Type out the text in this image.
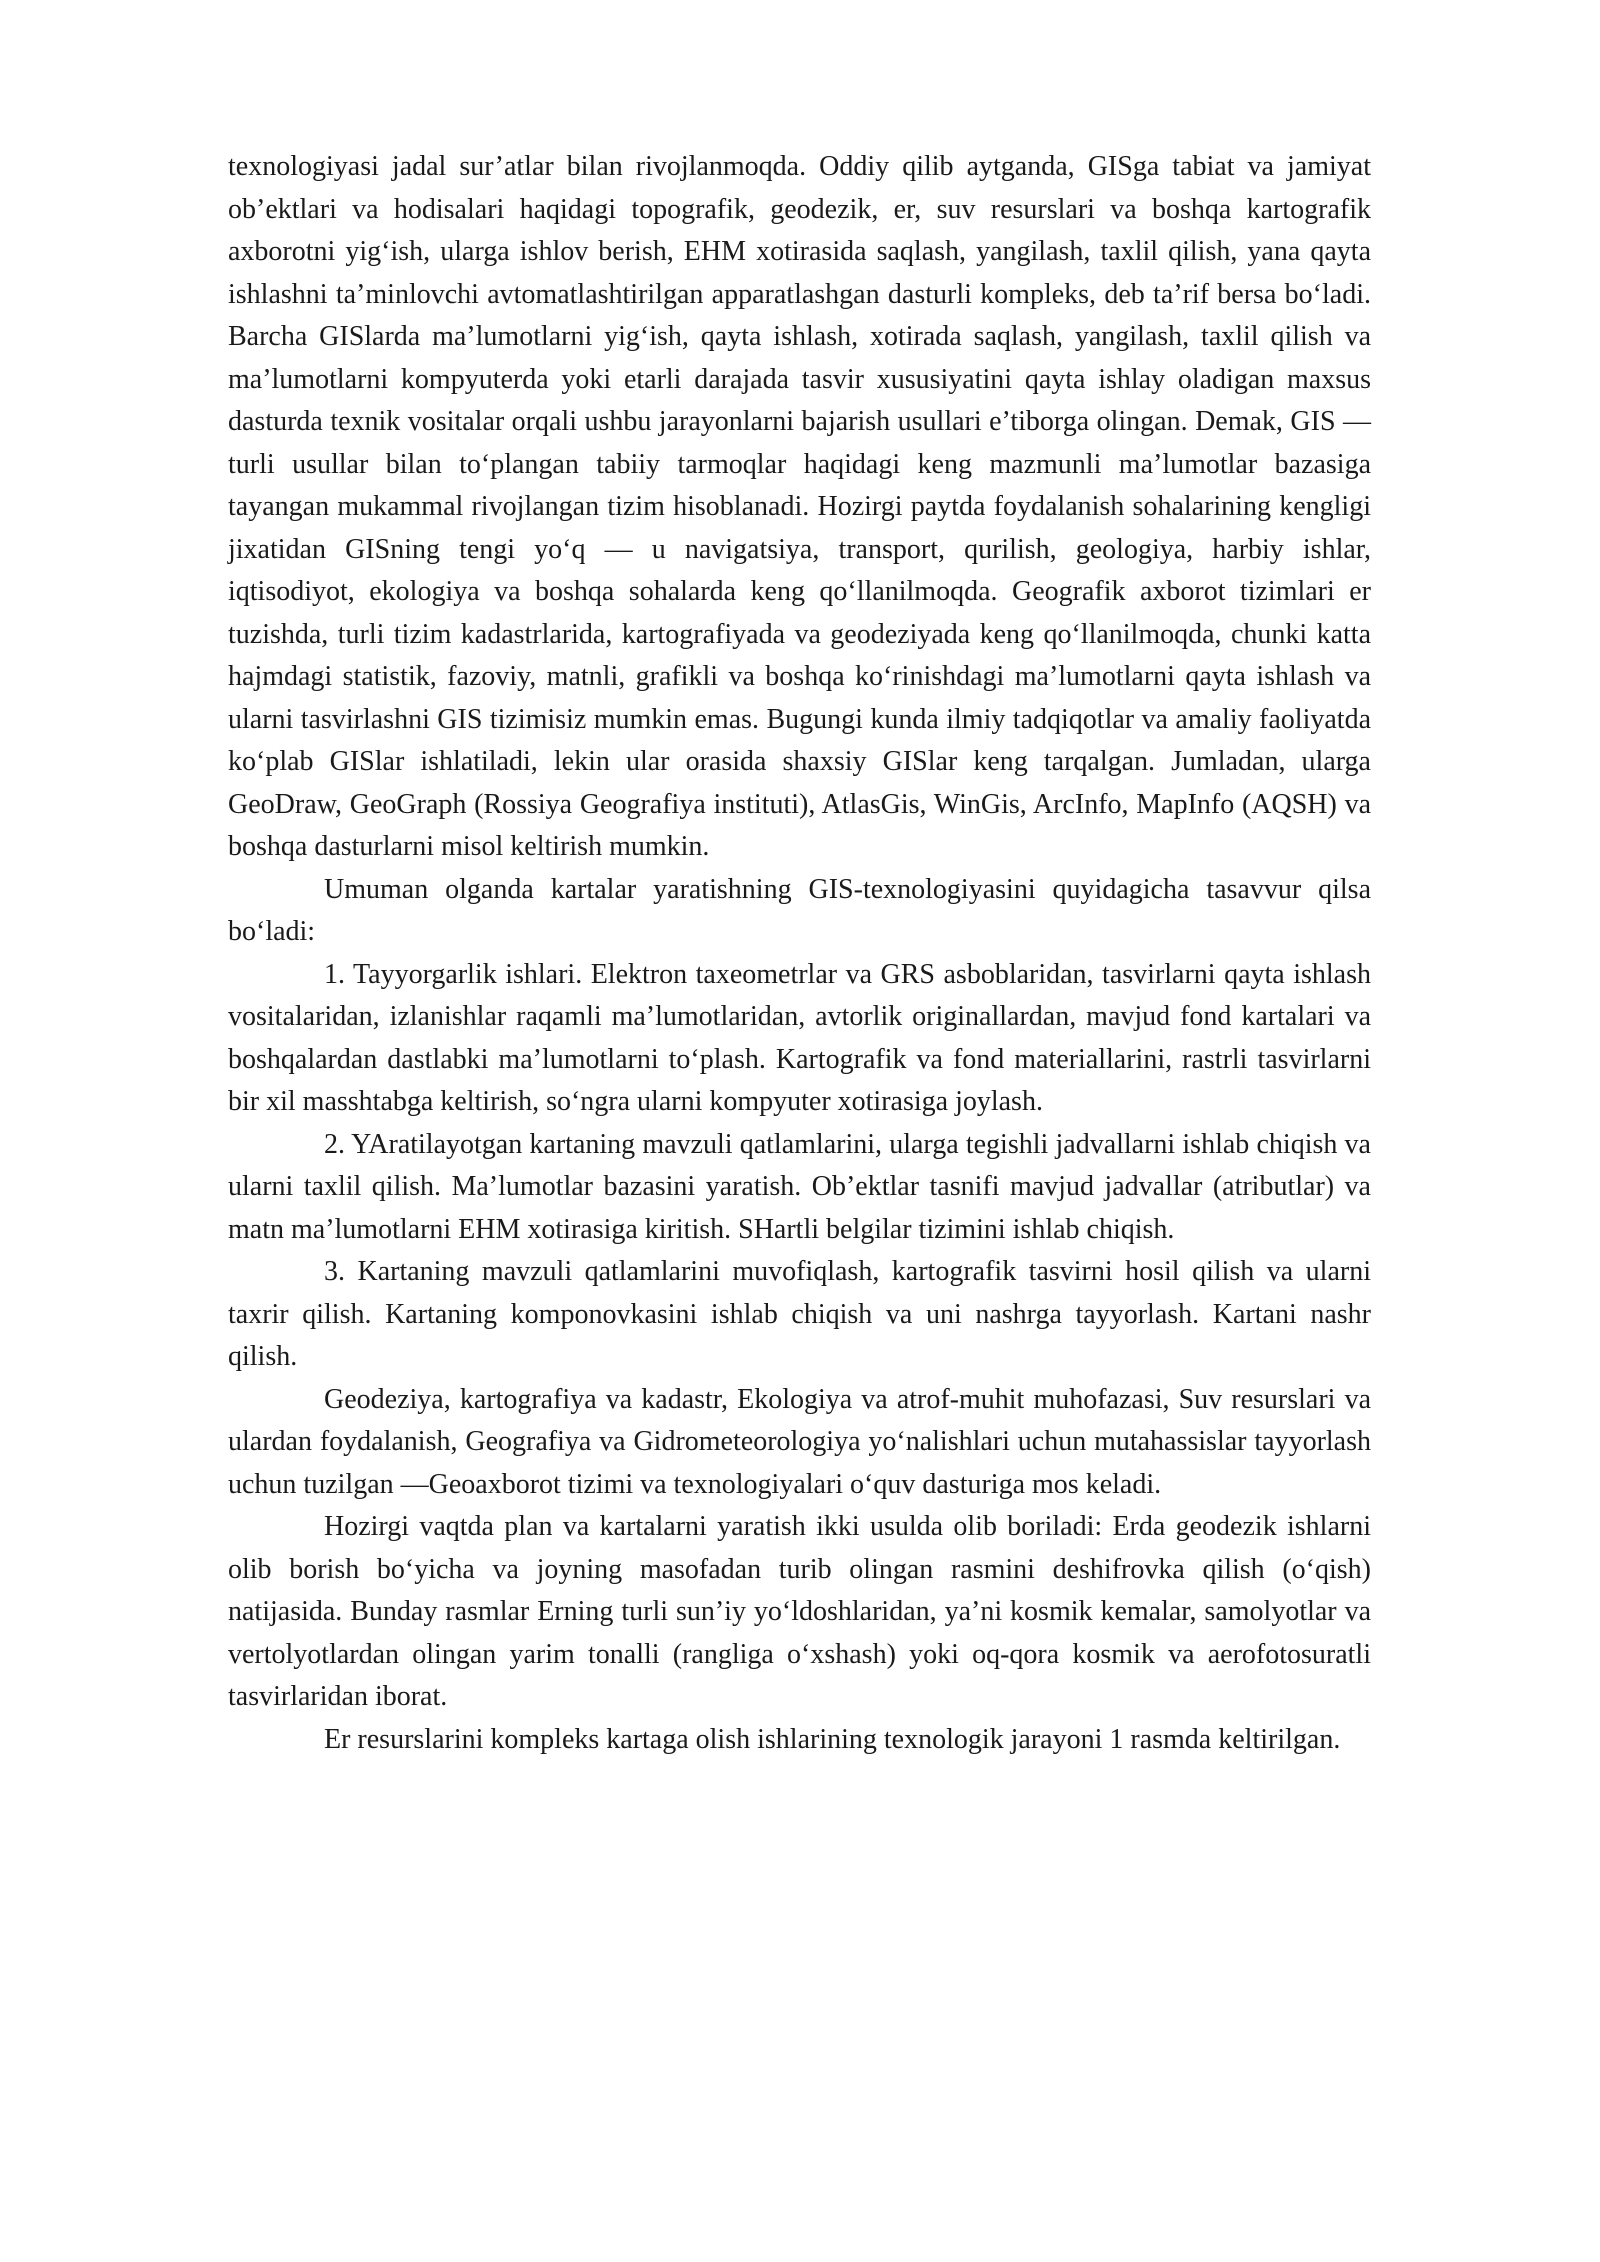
texnologiyasi jadal sur’atlar bilan rivojlanmoqda. Oddiy qilib aytganda, GISga tabiat va jamiyat ob’ektlari va hodisalari haqidagi topografik, geodezik, er, suv resurslari va boshqa kartografik axborotni yig‘ish, ularga ishlov berish, EHM xotirasida saqlash, yangilash, taxlil qilish, yana qayta ishlashni ta’minlovchi avtomatlashtirilgan apparatlashgan dasturli kompleks, deb ta’rif bersa bo‘ladi. Barcha GISlarda ma’lumotlarni yig‘ish, qayta ishlash, xotirada saqlash, yangilash, taxlil qilish va ma’lumotlarni kompyuterda yoki etarli darajada tasvir xususiyatini qayta ishlay oladigan maxsus dasturda texnik vositalar orqali ushbu jarayonlarni bajarish usullari e’tiborga olingan. Demak, GIS — turli usullar bilan to‘plangan tabiiy tarmoqlar haqidagi keng mazmunli ma’lumotlar bazasiga tayangan mukammal rivojlangan tizim hisoblanadi. Hozirgi paytda foydalanish sohalarining kengligi jixatidan GISning tengi yo‘q — u navigatsiya, transport, qurilish, geologiya, harbiy ishlar, iqtisodiyot, ekologiya va boshqa sohalarda keng qo‘llanilmoqda. Geografik axborot tizimlari er tuzishda, turli tizim kadastrlarida, kartografiyada va geodeziyada keng qo‘llanilmoqda, chunki katta hajmdagi statistik, fazoviy, matnli, grafikli va boshqa ko‘rinishdagi ma’lumotlarni qayta ishlash va ularni tasvirlashni GIS tizimisiz mumkin emas. Bugungi kunda ilmiy tadqiqotlar va amaliy faoliyatda ko‘plab GISlar ishlatiladi, lekin ular orasida shaxsiy GISlar keng tarqalgan. Jumladan, ularga GeoDraw, GeoGraph (Rossiya Geografiya instituti), AtlasGis, WinGis, ArcInfo, MapInfo (AQSH) va boshqa dasturlarni misol keltirish mumkin.

Umuman olganda kartalar yaratishning GIS-texnologiyasini quyidagicha tasavvur qilsa bo‘ladi:

1. Tayyorgarlik ishlari. Elektron taxeometrlar va GRS asboblaridan, tasvirlarni qayta ishlash vositalaridan, izlanishlar raqamli ma’lumotlaridan, avtorlik originallardan, mavjud fond kartalari va boshqalardan dastlabki ma’lumotlarni to‘plash. Kartografik va fond materiallarini, rastrli tasvirlarni bir xil masshtabga keltirish, so‘ngra ularni kompyuter xotirasiga joylash.

2. YAratilayotgan kartaning mavzuli qatlamlarini, ularga tegishli jadvallarni ishlab chiqish va ularni taxlil qilish. Ma’lumotlar bazasini yaratish. Ob’ektlar tasnifi mavjud jadvallar (atributlar) va matn ma’lumotlarni EHM xotirasiga kiritish. SHartli belgilar tizimini ishlab chiqish.

3. Kartaning mavzuli qatlamlarini muvofiqlash, kartografik tasvirni hosil qilish va ularni taxrir qilish. Kartaning komponovkasini ishlab chiqish va uni nashrga tayyorlash. Kartani nashr qilish.

Geodeziya, kartografiya va kadastr, Ekologiya va atrof-muhit muhofazasi, Suv resurslari va ulardan foydalanish, Geografiya va Gidrometeorologiya yo‘nalishlari uchun mutahassislar tayyorlash uchun tuzilgan ―Geoaxborot tizimi va texnologiyalari o‘quv dasturiga mos keladi.

Hozirgi vaqtda plan va kartalarni yaratish ikki usulda olib boriladi: Erda geodezik ishlarni olib borish bo‘yicha va joyning masofadan turib olingan rasmini deshifrovka qilish (o‘qish) natijasida. Bunday rasmlar Erning turli sun’iy yo‘ldoshlaridan, ya’ni kosmik kemalar, samolyotlar va vertolyotlardan olingan yarim tonalli (rangliga o‘xshash) yoki oq-qora kosmik va aerofotosuratli tasvirlaridan iborat.

Er resurslarini kompleks kartaga olish ishlarining texnologik jarayoni 1 rasmda keltirilgan.
